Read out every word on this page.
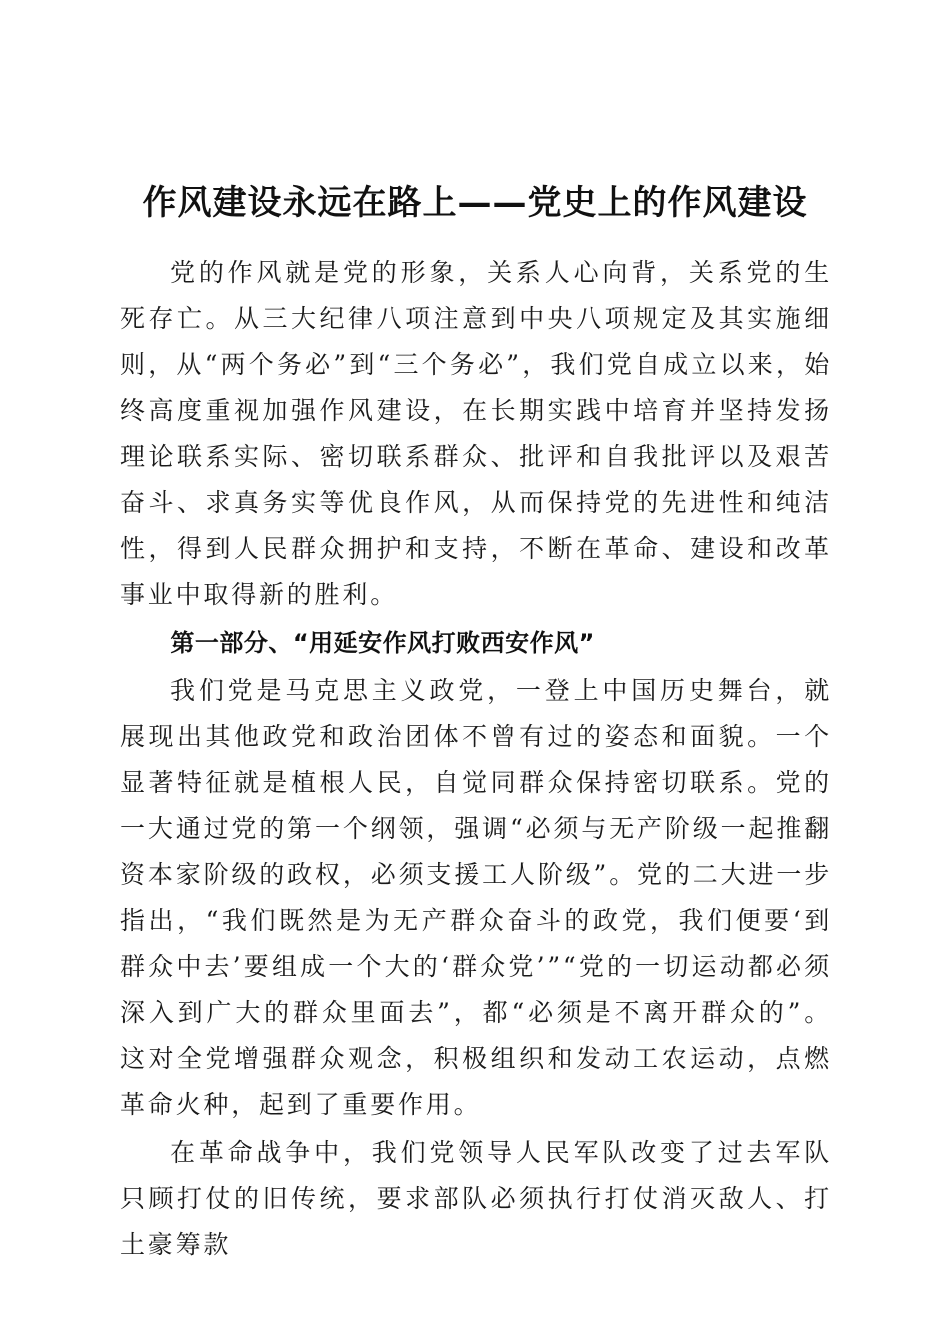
作风建设永远在路上——党史上的作风建设

党的作风就是党的形象，关系人心向背，关系党的生死存亡。从三大纪律八项注意到中央八项规定及其实施细则，从“两个务必”到“三个务必”，我们党自成立以来，始终高度重视加强作风建设，在长期实践中培育并坚持发扬理论联系实际、密切联系群众、批评和自我批评以及艰苦奋斗、求真务实等优良作风，从而保持党的先进性和纯洁性，得到人民群众拥护和支持，不断在革命、建设和改革事业中取得新的胜利。

第一部分、“用延安作风打败西安作风”

我们党是马克思主义政党，一登上中国历史舞台，就展现出其他政党和政治团体不曾有过的姿态和面貌。一个显著特征就是植根人民，自觉同群众保持密切联系。党的一大通过党的第一个纲领，强调“必须与无产阶级一起推翻资本家阶级的政权，必须支援工人阶级”。党的二大进一步指出，“我们既然是为无产群众奋斗的政党，我们便要‘到群众中去’要组成一个大的‘群众党’”“党的一切运动都必须深入到广大的群众里面去”，都“必须是不离开群众的”。这对全党增强群众观念，积极组织和发动工农运动，点燃革命火种，起到了重要作用。

在革命战争中，我们党领导人民军队改变了过去军队只顾打仗的旧传统，要求部队必须执行打仗消灭敌人、打土豪筹款
